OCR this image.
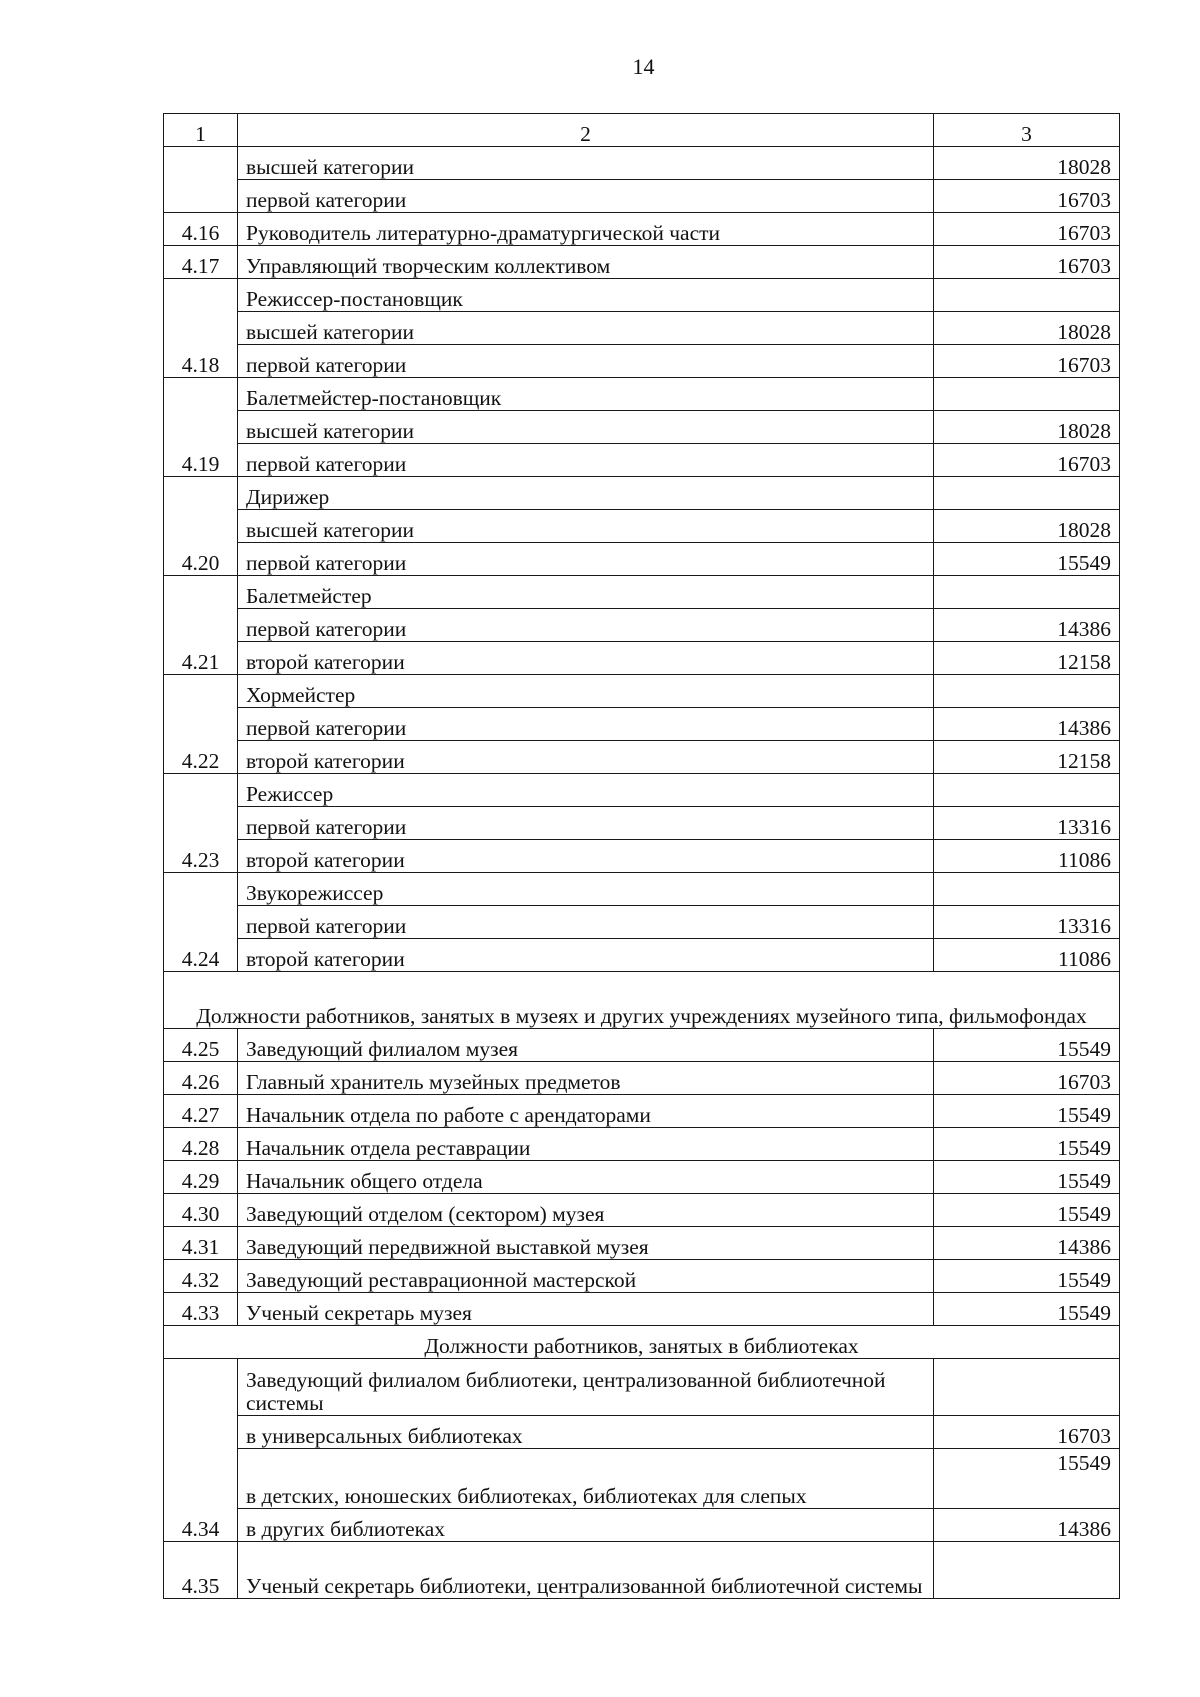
14
1	2	3
	высшей категории	18028
	первой категории	16703
4.16	Руководитель литературно-драматургической части	16703
4.17	Управляющий творческим коллективом	16703
4.18	Режиссер-постановщик	
	высшей категории	18028
	первой категории	16703
4.19	Балетмейстер-постановщик	
	высшей категории	18028
	первой категории	16703
4.20	Дирижер	
	высшей категории	18028
	первой категории	15549
4.21	Балетмейстер	
	первой категории	14386
	второй категории	12158
4.22	Хормейстер	
	первой категории	14386
	второй категории	12158
4.23	Режиссер	
	первой категории	13316
	второй категории	11086
4.24	Звукорежиссер	
	первой категории	13316
	второй категории	11086
Должности работников, занятых в музеях и других учреждениях музейного типа, фильмофондах		
4.25	Заведующий филиалом музея	15549
4.26	Главный хранитель музейных предметов	16703
4.27	Начальник отдела по работе с арендаторами	15549
4.28	Начальник отдела реставрации	15549
4.29	Начальник общего отдела	15549
4.30	Заведующий отделом (сектором) музея	15549
4.31	Заведующий передвижной выставкой музея	14386
4.32	Заведующий реставрационной мастерской	15549
4.33	Ученый секретарь музея	15549
Должности работников, занятых в библиотеках		
4.34	Заведующий филиалом библиотеки, централизованной библиотечной системы	
	в универсальных библиотеках	16703
	в детских, юношеских библиотеках, библиотеках для слепых	15549
	в других библиотеках	14386
4.35	Ученый секретарь библиотеки, централизованной библиотечной системы	
